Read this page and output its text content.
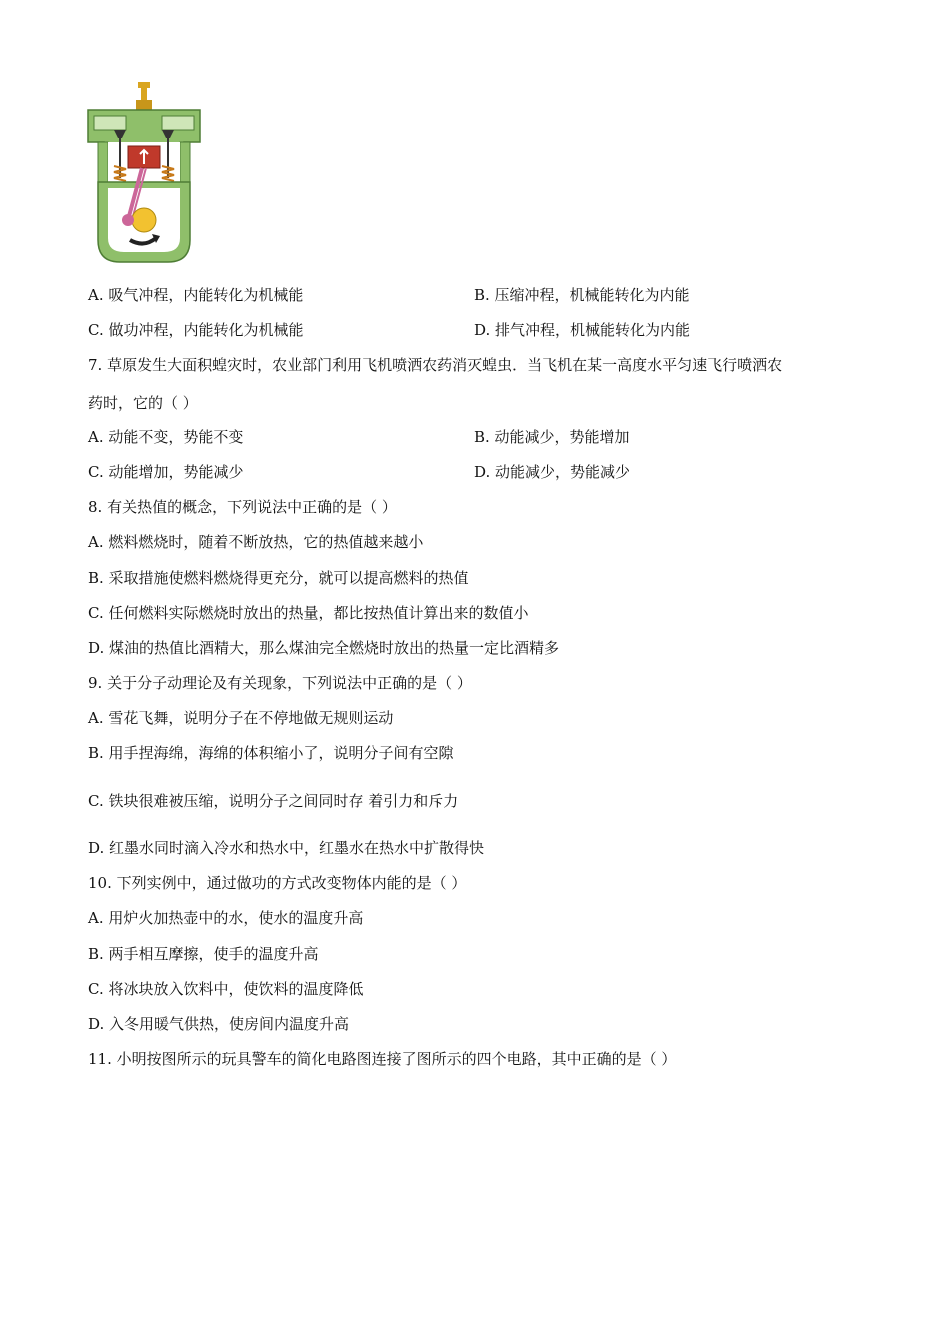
A. 吸气冲程，内能转化为机械能	B. 压缩冲程，机械能转化为内能
C. 做功冲程，内能转化为机械能	D. 排气冲程，机械能转化为内能
7. 草原发生大面积蝗灾时，农业部门利用飞机喷洒农药消灭蝗虫．当飞机在某一高度水平匀速飞行喷洒农
药时，它的（ ）
A. 动能不变，势能不变	B. 动能减少，势能增加
C. 动能增加，势能减少	D. 动能减少，势能减少
8. 有关热值的概念，下列说法中正确的是（ ）
A. 燃料燃烧时，随着不断放热，它的热值越来越小
B. 采取措施使燃料燃烧得更充分，就可以提高燃料的热值
C. 任何燃料实际燃烧时放出的热量，都比按热值计算出来的数值小
D. 煤油的热值比酒精大，那么煤油完全燃烧时放出的热量一定比酒精多
9. 关于分子动理论及有关现象，下列说法中正确的是（ ）
A. 雪花飞舞，说明分子在不停地做无规则运动
B. 用手捏海绵，海绵的体积缩小了，说明分子间有空隙
C. 铁块很难被压缩，说明分子之间同时存 着引力和斥力
D. 红墨水同时滴入冷水和热水中，红墨水在热水中扩散得快
10. 下列实例中，通过做功的方式改变物体内能的是（ ）
A. 用炉火加热壶中的水，使水的温度升高
B. 两手相互摩擦，使手的温度升高
C. 将冰块放入饮料中，使饮料的温度降低
D. 入冬用暖气供热，使房间内温度升高
11. 小明按图所示的玩具警车的简化电路图连接了图所示的四个电路，其中正确的是（ ）
